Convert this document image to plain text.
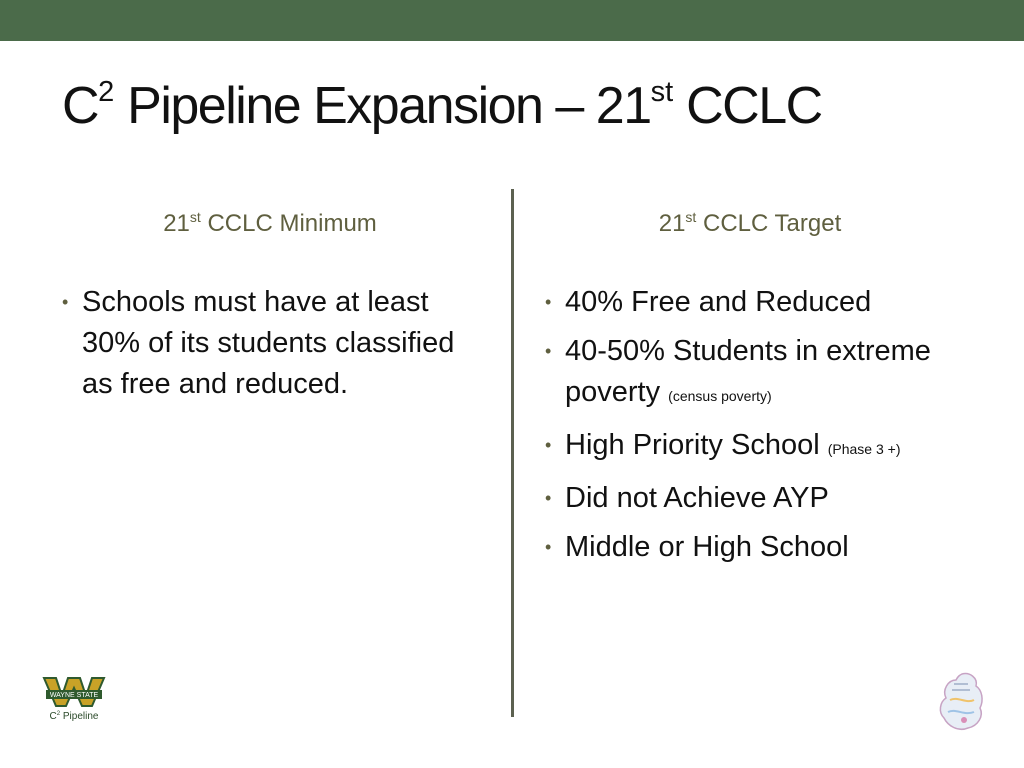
$C^2$ Pipeline Expansion – 21st CCLC
21st CCLC Minimum	21st CCLC Target
• Schools must have at least 30% of its students classified as free and reduced.
• 40% Free and Reduced
• 40-50% Students in extreme poverty (census poverty)
• High Priority School (Phase 3 +)
• Did not Achieve AYP
• Middle or High School
WAYNE STATE
$C^2$ Pipeline
